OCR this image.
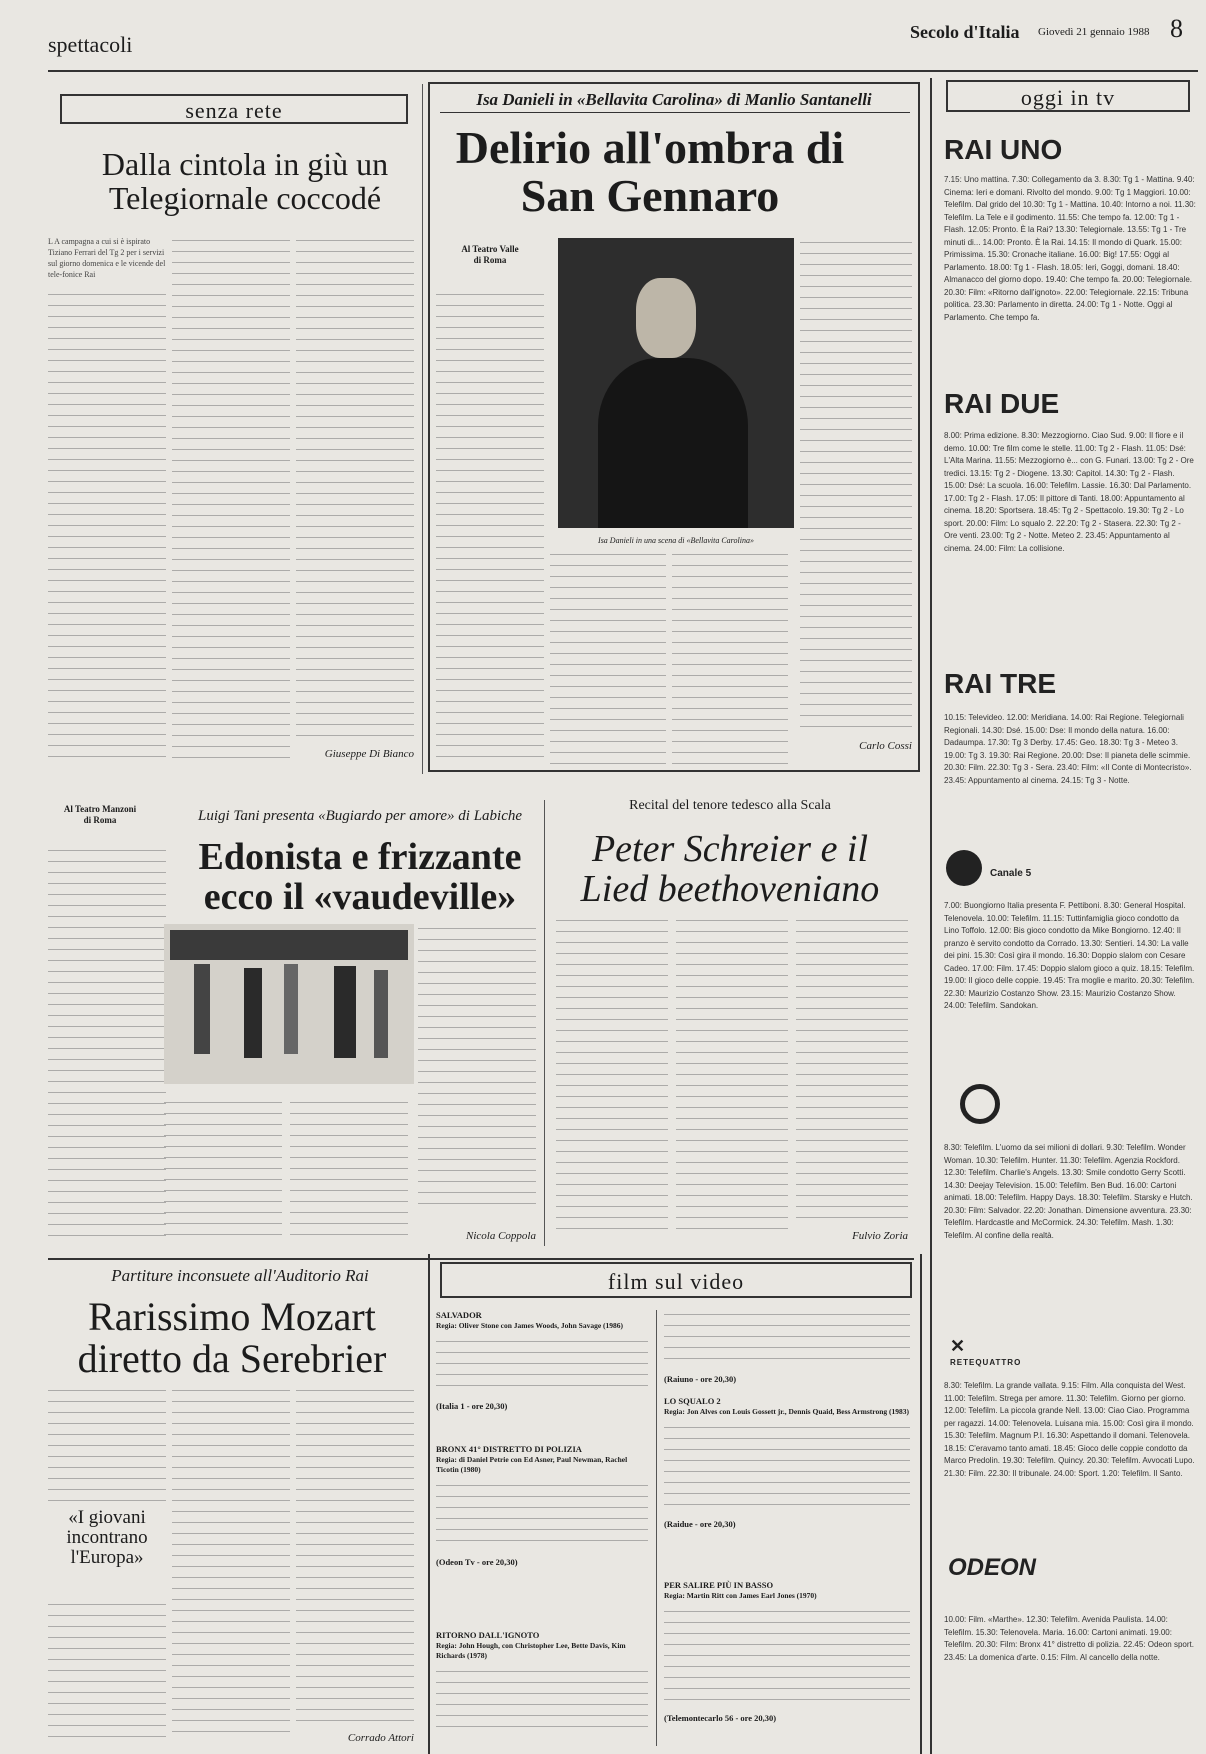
spettacoli	Secolo d'Italia Giovedì 21 gennaio 1988 8
senza rete
Dalla cintola in giù un Telegiornale coccodé
L A campagna a cui si è ispirato Tiziano Ferrari del Tg 2 per i servizi sul giorno domenica e le vicende del tele-fonice Rai
Giuseppe Di Bianco
Isa Danieli in «Bellavita Carolina» di Manlio Santanelli
Delirio all'ombra di San Gennaro
Al Teatro Valle di Roma
Isa Danieli in una scena di «Bellavita Carolina»
Carlo Cossi
Al Teatro Manzoni di Roma	Luigi Tani presenta «Bugiardo per amore» di Labiche
Edonista e frizzante ecco il «vaudeville»
Nicola Coppola
Recital del tenore tedesco alla Scala
Peter Schreier e il Lied beethoveniano
Fulvio Zoria
Partiture inconsuete all'Auditorio Rai
Rarissimo Mozart diretto da Serebrier
«I giovani incontrano l'Europa»
Corrado Attori
film sul video
SALVADOR
Regia: Oliver Stone con James Woods, John Savage (1986)
(Italia 1 - ore 20,30)
BRONX 41° DISTRETTO DI POLIZIA
Regia: di Daniel Petrie con Ed Asner, Paul Newman, Rachel Ticotin (1980)
(Odeon Tv - ore 20,30)
RITORNO DALL'IGNOTO
Regia: John Hough, con Christopher Lee, Bette Davis, Kim Richards (1978)
(Raiuno - ore 20,30)
LO SQUALO 2
Regia: Jon Alves con Louis Gossett jr., Dennis Quaid, Bess Armstrong (1983)
(Raidue - ore 20,30)
PER SALIRE PIÙ IN BASSO
Regia: Martin Ritt con James Earl Jones (1970)
(Telemontecarlo 56 - ore 20,30)
oggi in tv
RAI UNO
7.15: Uno mattina. 7.30: Collegamento da 3. 8.30: Tg 1 - Mattina. 9.40: Cinema: Ieri e domani. Rivolto del mondo. 9.00: Tg 1 Maggiori. 10.00: Telefilm. Dal grido del 10.30: Tg 1 - Mattina. 10.40: Intorno a noi. 11.30: Telefilm. La Tele e il godimento. 11.55: Che tempo fa. 12.00: Tg 1 - Flash. 12.05: Pronto. È la Rai? 13.30: Telegiornale. 13.55: Tg 1 - Tre minuti di... 14.00: Pronto. È la Rai. 14.15: Il mondo di Quark. 15.00: Primissima. 15.30: Cronache italiane. 16.00: Big! 17.55: Oggi al Parlamento. 18.00: Tg 1 - Flash. 18.05: Ieri, Goggi, domani. 18.40: Almanacco del giorno dopo. 19.40: Che tempo fa. 20.00: Telegiornale. 20.30: Film: «Ritorno dall'ignoto». 22.00: Telegiornale. 22.15: Tribuna politica. 23.30: Parlamento in diretta. 24.00: Tg 1 - Notte. Oggi al Parlamento. Che tempo fa.
RAI DUE
8.00: Prima edizione. 8.30: Mezzogiorno. Ciao Sud. 9.00: Il fiore e il demo. 10.00: Tre film come le stelle. 11.00: Tg 2 - Flash. 11.05: Dsé: L'Alta Marina. 11.55: Mezzogiorno è... con G. Funari. 13.00: Tg 2 - Ore tredici. 13.15: Tg 2 - Diogene. 13.30: Capitol. 14.30: Tg 2 - Flash. 15.00: Dsé: La scuola. 16.00: Telefilm. Lassie. 16.30: Dal Parlamento. 17.00: Tg 2 - Flash. 17.05: Il pittore di Tanti. 18.00: Appuntamento al cinema. 18.20: Sportsera. 18.45: Tg 2 - Spettacolo. 19.30: Tg 2 - Lo sport. 20.00: Film: Lo squalo 2. 22.20: Tg 2 - Stasera. 22.30: Tg 2 - Ore venti. 23.00: Tg 2 - Notte. Meteo 2. 23.45: Appuntamento al cinema. 24.00: Film: La collisione.
RAI TRE
10.15: Televideo. 12.00: Meridiana. 14.00: Rai Regione. Telegiornali Regionali. 14.30: Dsé. 15.00: Dse: Il mondo della natura. 16.00: Dadaumpa. 17.30: Tg 3 Derby. 17.45: Geo. 18.30: Tg 3 - Meteo 3. 19.00: Tg 3. 19.30: Rai Regione. 20.00: Dse: Il pianeta delle scimmie. 20.30: Film. 22.30: Tg 3 - Sera. 23.40: Film: «Il Conte di Montecristo». 23.45: Appuntamento al cinema. 24.15: Tg 3 - Notte.
Canale 5
7.00: Buongiorno Italia presenta F. Pettiboni. 8.30: General Hospital. Telenovela. 10.00: Telefilm. 11.15: Tuttinfamiglia gioco condotto da Lino Toffolo. 12.00: Bis gioco condotto da Mike Bongiorno. 12.40: Il pranzo è servito condotto da Corrado. 13.30: Sentieri. 14.30: La valle dei pini. 15.30: Così gira il mondo. 16.30: Doppio slalom con Cesare Cadeo. 17.00: Film. 17.45: Doppio slalom gioco a quiz. 18.15: Telefilm. 19.00: Il gioco delle coppie. 19.45: Tra moglie e marito. 20.30: Telefilm. 22.30: Maurizio Costanzo Show. 23.15: Maurizio Costanzo Show. 24.00: Telefilm. Sandokan.
8.30: Telefilm. L'uomo da sei milioni di dollari. 9.30: Telefilm. Wonder Woman. 10.30: Telefilm. Hunter. 11.30: Telefilm. Agenzia Rockford. 12.30: Telefilm. Charlie's Angels. 13.30: Smile condotto Gerry Scotti. 14.30: Deejay Television. 15.00: Telefilm. Ben Bud. 16.00: Cartoni animati. 18.00: Telefilm. Happy Days. 18.30: Telefilm. Starsky e Hutch. 20.30: Film: Salvador. 22.20: Jonathan. Dimensione avventura. 23.30: Telefilm. Hardcastle and McCormick. 24.30: Telefilm. Mash. 1.30: Telefilm. Al confine della realtà.
✕
RETEQUATTRO
8.30: Telefilm. La grande vallata. 9.15: Film. Alla conquista del West. 11.00: Telefilm. Strega per amore. 11.30: Telefilm. Giorno per giorno. 12.00: Telefilm. La piccola grande Nell. 13.00: Ciao Ciao. Programma per ragazzi. 14.00: Telenovela. Luisana mia. 15.00: Così gira il mondo. 15.30: Telefilm. Magnum P.I. 16.30: Aspettando il domani. Telenovela. 18.15: C'eravamo tanto amati. 18.45: Gioco delle coppie condotto da Marco Predolin. 19.30: Telefilm. Quincy. 20.30: Telefilm. Avvocati Lupo. 21.30: Film. 22.30: Il tribunale. 24.00: Sport. 1.20: Telefilm. Il Santo.
ODEON
10.00: Film. «Marthe». 12.30: Telefilm. Avenida Paulista. 14.00: Telefilm. 15.30: Telenovela. Maria. 16.00: Cartoni animati. 19.00: Telefilm. 20.30: Film: Bronx 41° distretto di polizia. 22.45: Odeon sport. 23.45: La domenica d'arte. 0.15: Film. Al cancello della notte.
